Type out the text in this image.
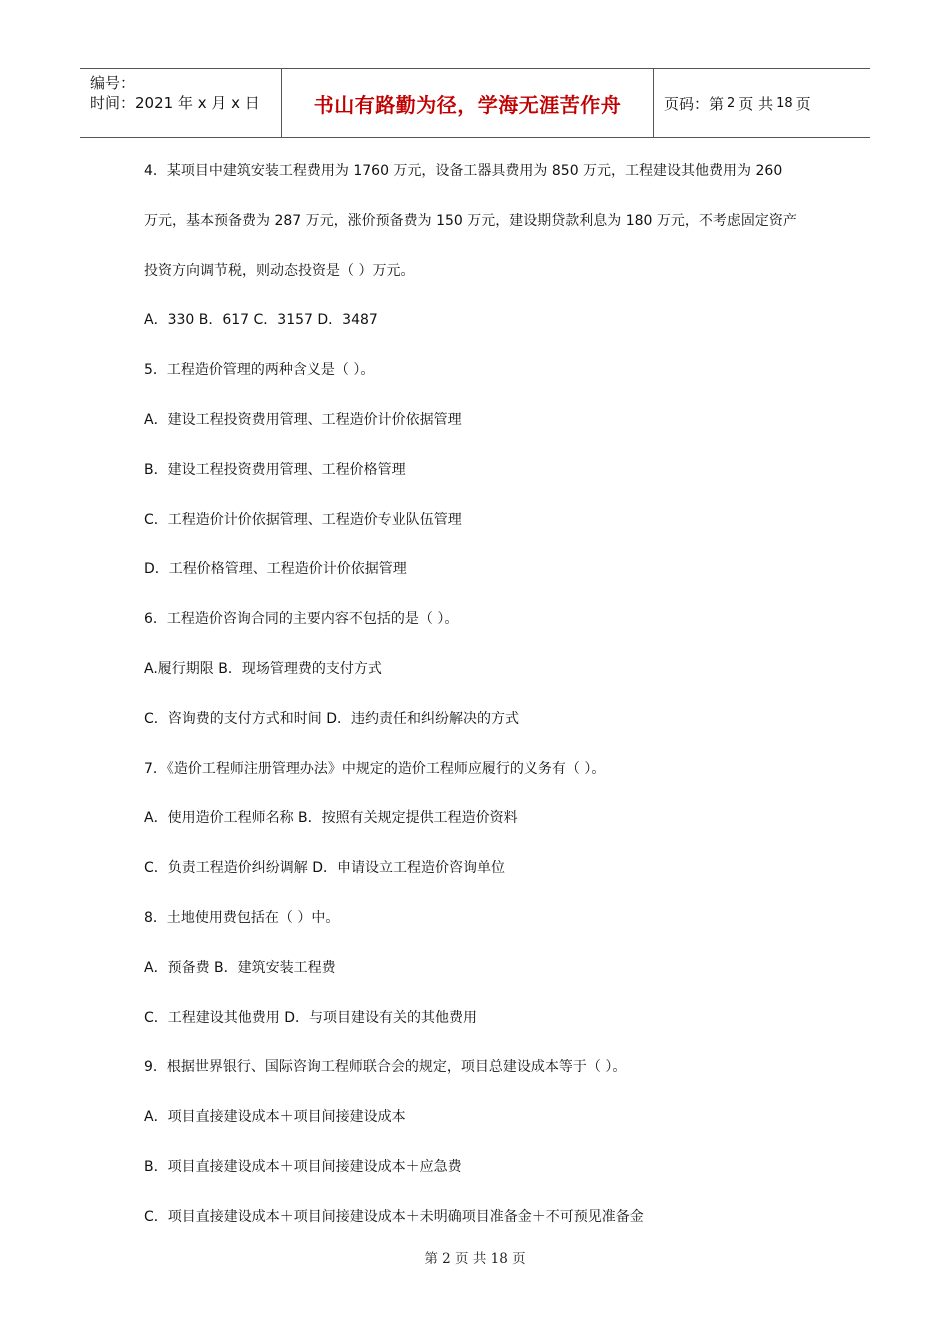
编号：
时间：2021 年 x 月 x 日	书山有路勤为径，学海无涯苦作舟	页码：第 2 页 共 18 页
4．某项目中建筑安装工程费用为 1760 万元，设备工器具费用为 850 万元，工程建设其他费用为 260
万元，基本预备费为 287 万元，涨价预备费为 150 万元，建设期贷款利息为 180 万元，不考虑固定资产
投资方向调节税，则动态投资是（ ）万元。
A．330 B．617 C．3157 D．3487
5．工程造价管理的两种含义是（ ）。
A．建设工程投资费用管理、工程造价计价依据管理
B．建设工程投资费用管理、工程价格管理
C．工程造价计价依据管理、工程造价专业队伍管理
D．工程价格管理、工程造价计价依据管理
6．工程造价咨询合同的主要内容不包括的是（ ）。
A.履行期限 B．现场管理费的支付方式
C．咨询费的支付方式和时间 D．违约责任和纠纷解决的方式
7．《造价工程师注册管理办法》中规定的造价工程师应履行的义务有（ ）。
A．使用造价工程师名称 B．按照有关规定提供工程造价资料
C．负责工程造价纠纷调解 D．申请设立工程造价咨询单位
8．土地使用费包括在（ ）中。
A．预备费 B．建筑安装工程费
C．工程建设其他费用 D．与项目建设有关的其他费用
9．根据世界银行、国际咨询工程师联合会的规定，项目总建设成本等于（ ）。
A．项目直接建设成本＋项目间接建设成本
B．项目直接建设成本＋项目间接建设成本＋应急费
C．项目直接建设成本＋项目间接建设成本＋未明确项目准备金＋不可预见准备金
第 2 页 共 18 页
